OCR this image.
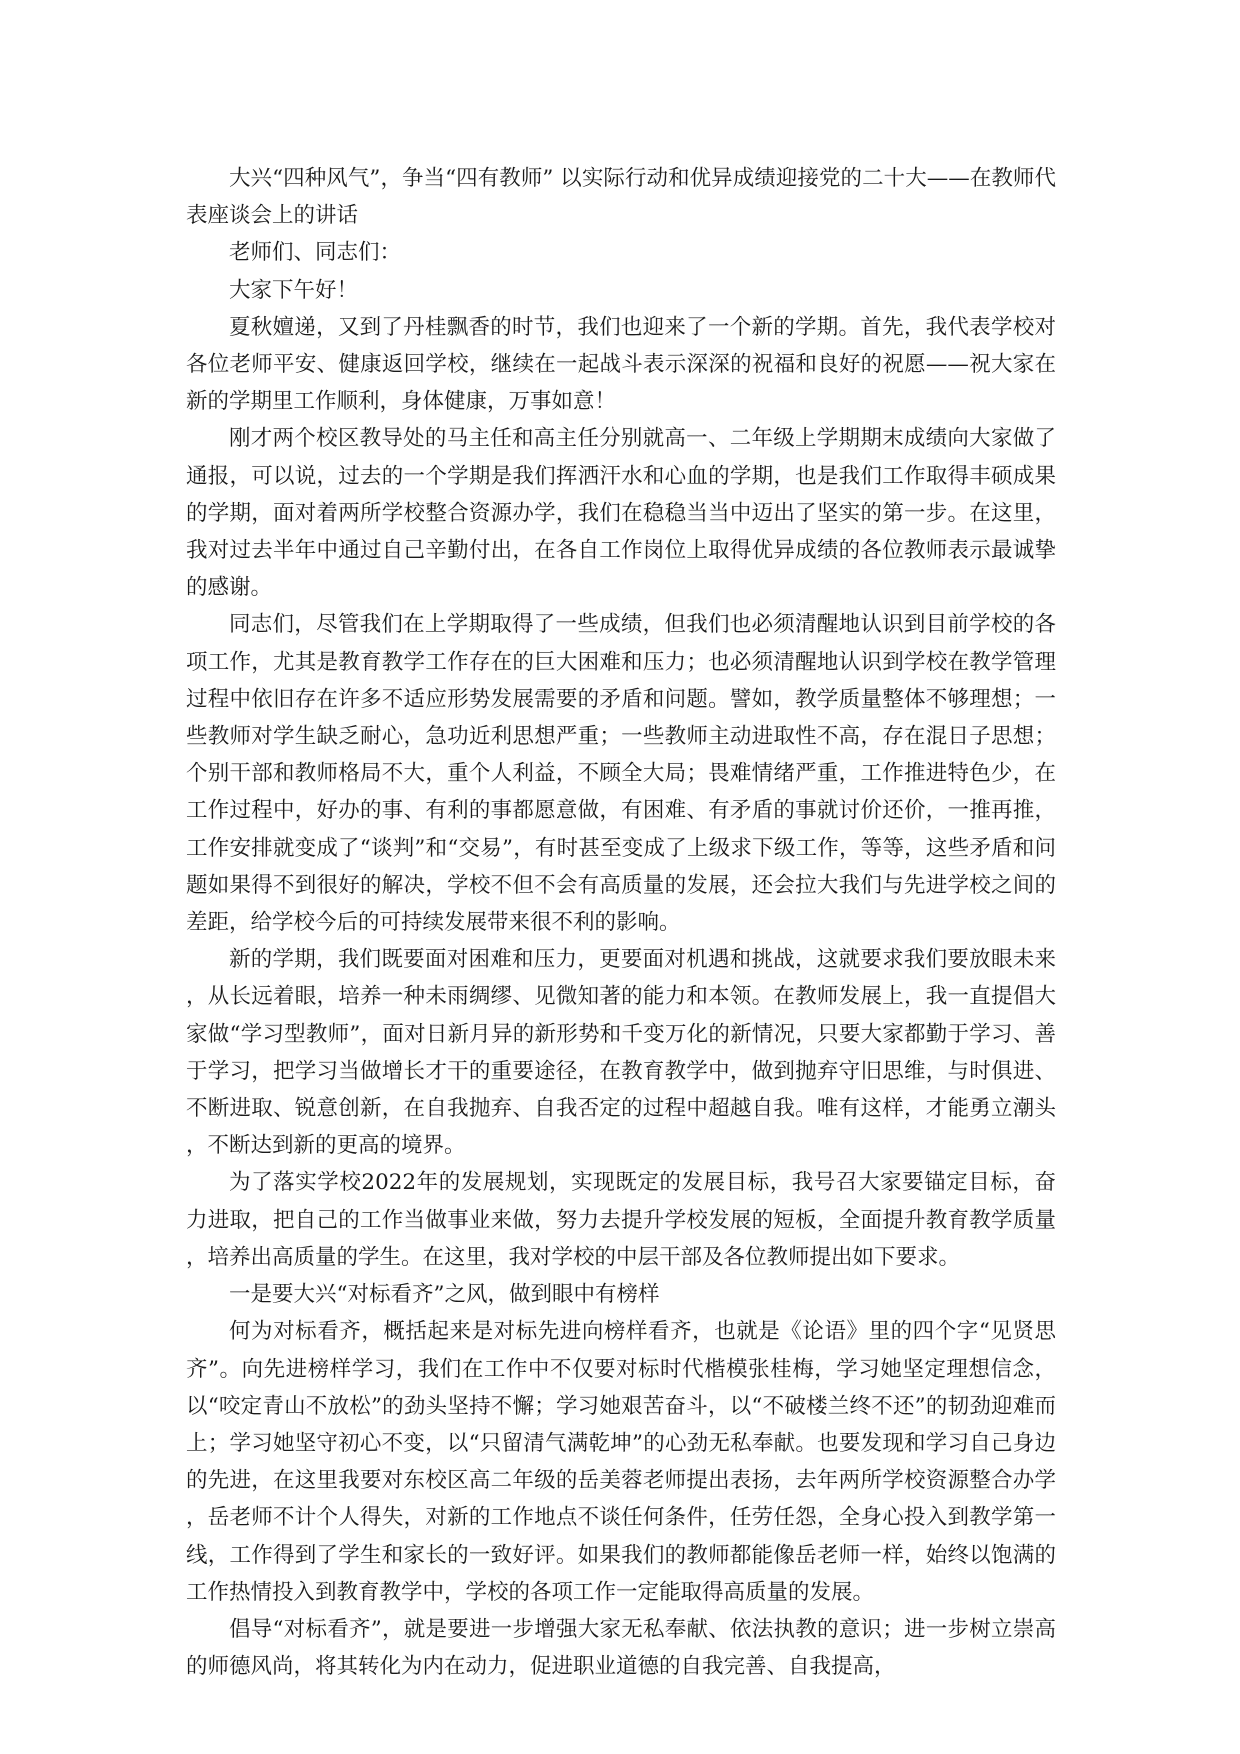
大兴“四种风气”，争当“四有教师” 以实际行动和优异成绩迎接党的二十大——在教师代表座谈会上的讲话

老师们、同志们：

大家下午好！

夏秋嬗递，又到了丹桂飘香的时节，我们也迎来了一个新的学期。首先，我代表学校对各位老师平安、健康返回学校，继续在一起战斗表示深深的祝福和良好的祝愿——祝大家在新的学期里工作顺利，身体健康，万事如意！

刚才两个校区教导处的马主任和高主任分别就高一、二年级上学期期末成绩向大家做了通报，可以说，过去的一个学期是我们挥洒汗水和心血的学期，也是我们工作取得丰硕成果的学期，面对着两所学校整合资源办学，我们在稳稳当当中迈出了坚实的第一步。在这里，我对过去半年中通过自己辛勤付出，在各自工作岗位上取得优异成绩的各位教师表示最诚挚的感谢。

同志们，尽管我们在上学期取得了一些成绩，但我们也必须清醒地认识到目前学校的各项工作，尤其是教育教学工作存在的巨大困难和压力；也必须清醒地认识到学校在教学管理过程中依旧存在许多不适应形势发展需要的矛盾和问题。譬如，教学质量整体不够理想；一些教师对学生缺乏耐心，急功近利思想严重；一些教师主动进取性不高，存在混日子思想；个别干部和教师格局不大，重个人利益，不顾全大局；畏难情绪严重，工作推进特色少，在工作过程中，好办的事、有利的事都愿意做，有困难、有矛盾的事就讨价还价，一推再推，工作安排就变成了“谈判”和“交易”，有时甚至变成了上级求下级工作，等等，这些矛盾和问题如果得不到很好的解决，学校不但不会有高质量的发展，还会拉大我们与先进学校之间的差距，给学校今后的可持续发展带来很不利的影响。

新的学期，我们既要面对困难和压力，更要面对机遇和挑战，这就要求我们要放眼未来，从长远着眼，培养一种未雨绸缪、见微知著的能力和本领。在教师发展上，我一直提倡大家做“学习型教师”，面对日新月异的新形势和千变万化的新情况，只要大家都勤于学习、善于学习，把学习当做增长才干的重要途径，在教育教学中，做到抛弃守旧思维，与时俱进、不断进取、锐意创新，在自我抛弃、自我否定的过程中超越自我。唯有这样，才能勇立潮头，不断达到新的更高的境界。

为了落实学校2022年的发展规划，实现既定的发展目标，我号召大家要锚定目标，奋力进取，把自己的工作当做事业来做，努力去提升学校发展的短板，全面提升教育教学质量，培养出高质量的学生。在这里，我对学校的中层干部及各位教师提出如下要求。

一是要大兴“对标看齐”之风，做到眼中有榜样

何为对标看齐，概括起来是对标先进向榜样看齐，也就是《论语》里的四个字“见贤思齐”。向先进榜样学习，我们在工作中不仅要对标时代楷模张桂梅，学习她坚定理想信念，以“咬定青山不放松”的劲头坚持不懈；学习她艰苦奋斗，以“不破楼兰终不还”的韧劲迎难而上；学习她坚守初心不变，以“只留清气满乾坤”的心劲无私奉献。也要发现和学习自己身边的先进，在这里我要对东校区高二年级的岳美蓉老师提出表扬，去年两所学校资源整合办学，岳老师不计个人得失，对新的工作地点不谈任何条件，任劳任怨，全身心投入到教学第一线，工作得到了学生和家长的一致好评。如果我们的教师都能像岳老师一样，始终以饱满的工作热情投入到教育教学中，学校的各项工作一定能取得高质量的发展。

倡导“对标看齐”，就是要进一步增强大家无私奉献、依法执教的意识；进一步树立崇高的师德风尚，将其转化为内在动力，促进职业道德的自我完善、自我提高，
